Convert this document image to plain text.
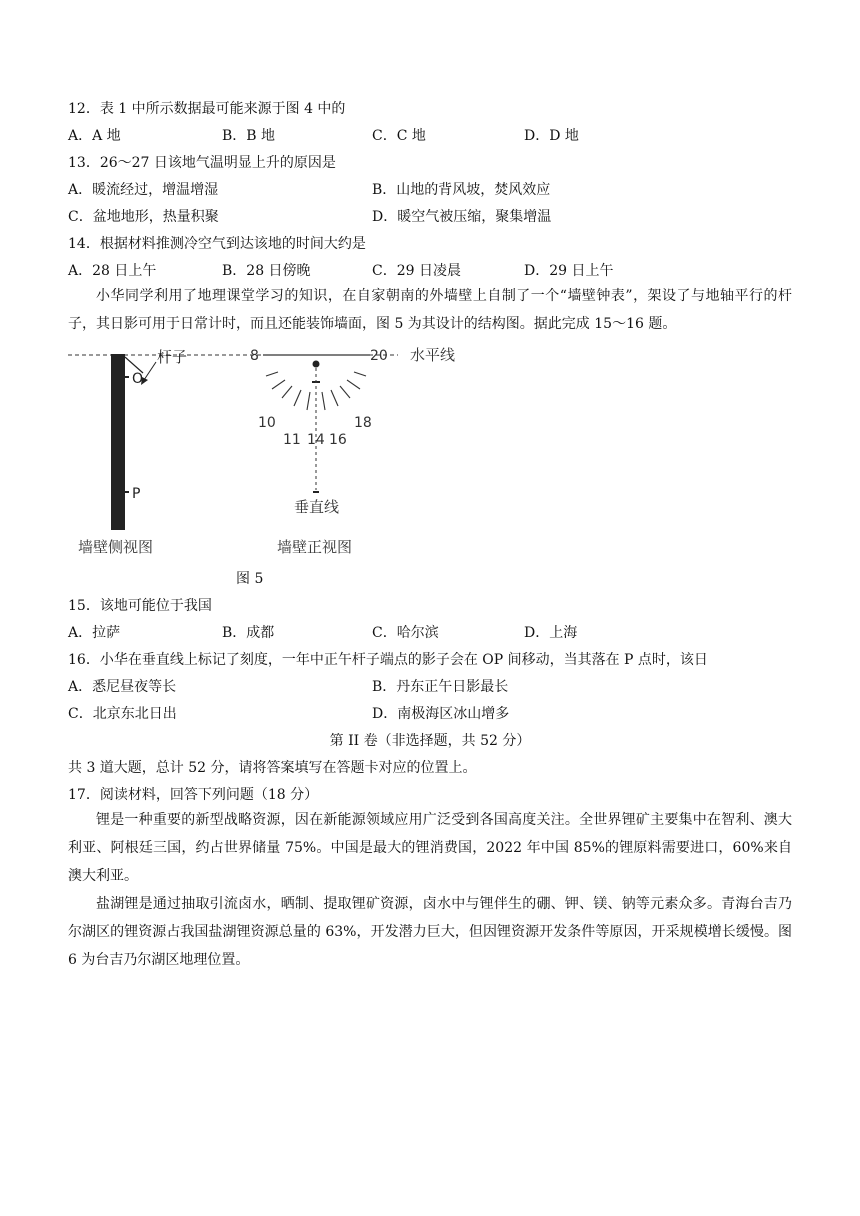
12．表 1 中所示数据最可能来源于图 4 中的
A．A 地	B．B 地	C．C 地	D．D 地
13．26～27 日该地气温明显上升的原因是
A．暖流经过，增温增湿	B．山地的背风坡，焚风效应
C．盆地地形，热量积聚	D．暖空气被压缩，聚集增温
14．根据材料推测冷空气到达该地的时间大约是
A．28 日上午	B．28 日傍晚	C．29 日凌晨	D．29 日上午
小华同学利用了地理课堂学习的知识，在自家朝南的外墙壁上自制了一个“墙壁钟表”，架设了与地轴平行的杆子，其日影可用于日常计时，而且还能装饰墙面，图 5 为其设计的结构图。据此完成 15～16 题。
杆子
O
P
墙壁侧视图
8	20 水平线
10
11 14 16
18
垂直线
墙壁正视图
图 5
15．该地可能位于我国
A．拉萨	B．成都	C．哈尔滨	D．上海
16．小华在垂直线上标记了刻度，一年中正午杆子端点的影子会在 OP 间移动，当其落在 P 点时，该日
A．悉尼昼夜等长	B．丹东正午日影最长
C．北京东北日出	D．南极海区冰山增多
第 II 卷（非选择题，共 52 分）
共 3 道大题，总计 52 分，请将答案填写在答题卡对应的位置上。
17．阅读材料，回答下列问题（18 分）
锂是一种重要的新型战略资源，因在新能源领域应用广泛受到各国高度关注。全世界锂矿主要集中在智利、澳大利亚、阿根廷三国，约占世界储量 75%。中国是最大的锂消费国，2022 年中国 85%的锂原料需要进口，60%来自澳大利亚。
盐湖锂是通过抽取引流卤水，晒制、提取锂矿资源，卤水中与锂伴生的硼、钾、镁、钠等元素众多。青海台吉乃尔湖区的锂资源占我国盐湖锂资源总量的 63%，开发潜力巨大，但因锂资源开发条件等原因，开采规模增长缓慢。图 6 为台吉乃尔湖区地理位置。
